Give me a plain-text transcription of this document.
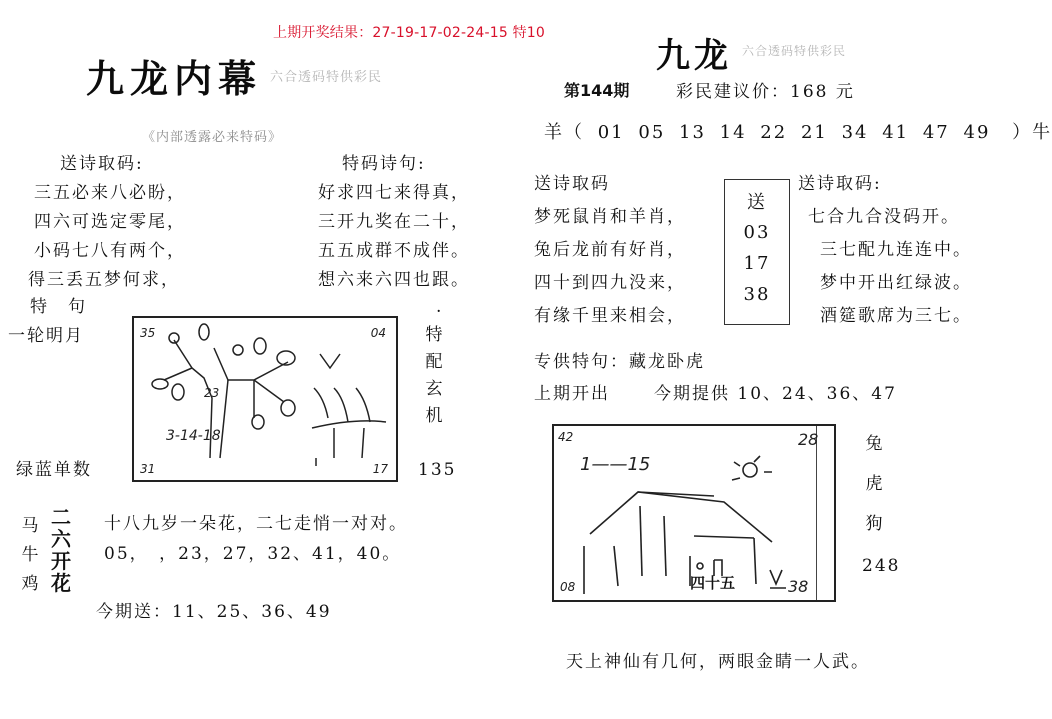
上期开奖结果：27-19-17-02-24-15 特10
九龙内幕 六合透码特供彩民
《内部透露必来特码》
送诗取码:
三五必来八必盼，
四六可选定零尾，
小码七八有两个，
得三丢五梦何求，
特码诗句:
好求四七来得真，
三开九奖在二十，
五五成群不成伴。
想六来六四也跟。
特　句	.
一轮明月
绿蓝单数
35	04
31	17
3-14-18
23
特
配
玄
机
135
马
牛
鸡
二
六
开
花
十八九岁一朵花，二七走悄一对对。
05，　，23，27，32、41，40。
今期送：11、25、36、49
九龙 六合透码特供彩民
第144期	彩民建议价：168 元
羊（ 01 05 13 14 22 21 34 41 47 49 ）牛
送诗取码
梦死鼠肖和羊肖，
兔后龙前有好肖，
四十到四九没来，
有缘千里来相会，
送
03
17
38
送诗取码:
七合九合没码开。
三七配九连连中。
梦中开出红绿波。
酒筵歌席为三七。
专供特句：藏龙卧虎
上期开出	今期提供 10、24、36、47
42	28
08	38
1——15
四十五
兔
虎
狗
248
天上神仙有几何，两眼金睛一人武。
